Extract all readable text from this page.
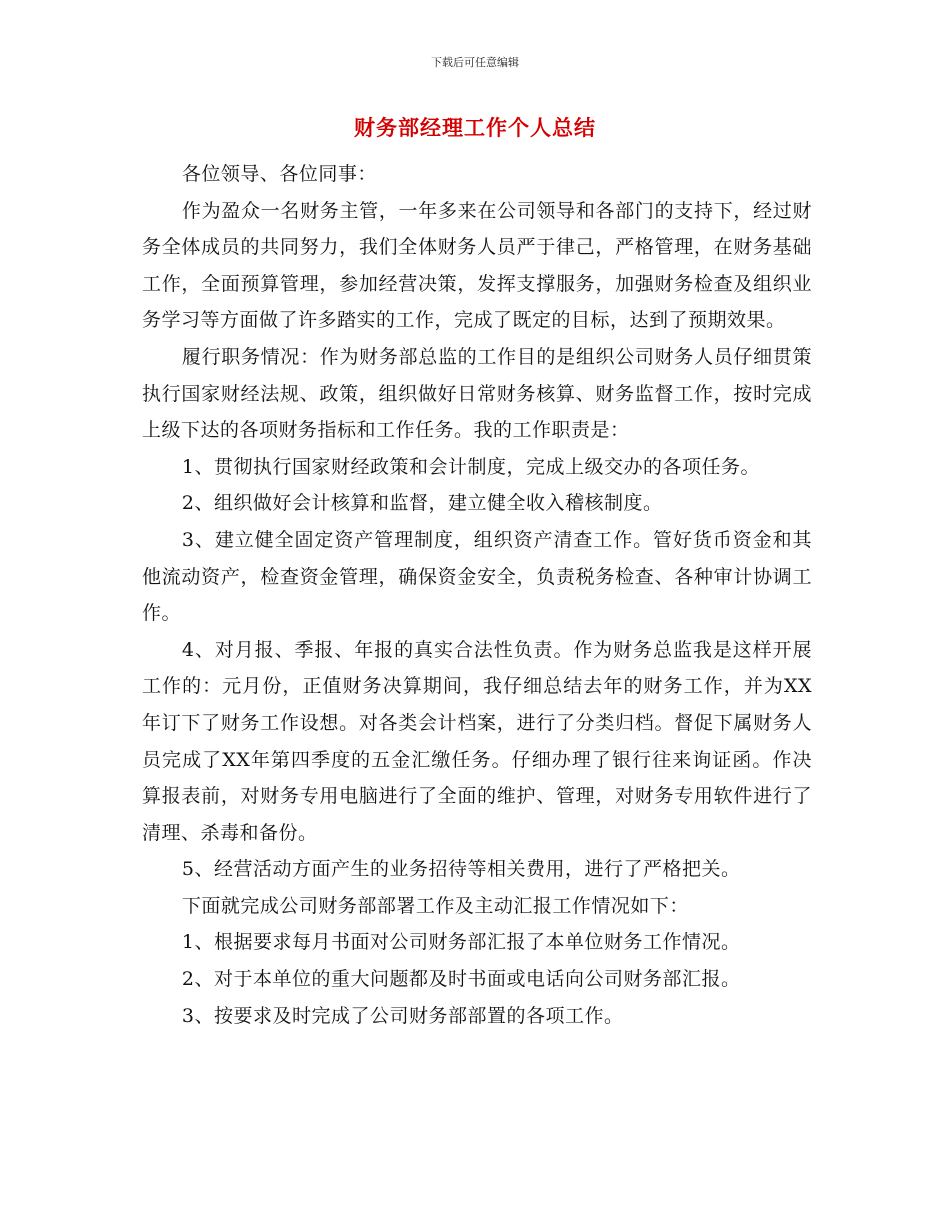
下载后可任意编辑
财务部经理工作个人总结

各位领导、各位同事：

作为盈众一名财务主管，一年多来在公司领导和各部门的支持下，经过财务全体成员的共同努力，我们全体财务人员严于律己，严格管理，在财务基础工作，全面预算管理，参加经营决策，发挥支撑服务，加强财务检查及组织业务学习等方面做了许多踏实的工作，完成了既定的目标，达到了预期效果。

履行职务情况：作为财务部总监的工作目的是组织公司财务人员仔细贯策执行国家财经法规、政策，组织做好日常财务核算、财务监督工作，按时完成上级下达的各项财务指标和工作任务。我的工作职责是：

1、贯彻执行国家财经政策和会计制度，完成上级交办的各项任务。

2、组织做好会计核算和监督，建立健全收入稽核制度。

3、建立健全固定资产管理制度，组织资产清查工作。管好货币资金和其他流动资产，检查资金管理，确保资金安全，负责税务检查、各种审计协调工作。

4、对月报、季报、年报的真实合法性负责。作为财务总监我是这样开展工作的：元月份，正值财务决算期间，我仔细总结去年的财务工作，并为XX年订下了财务工作设想。对各类会计档案，进行了分类归档。督促下属财务人员完成了XX年第四季度的五金汇缴任务。仔细办理了银行往来询证函。作决算报表前，对财务专用电脑进行了全面的维护、管理，对财务专用软件进行了清理、杀毒和备份。

5、经营活动方面产生的业务招待等相关费用，进行了严格把关。

下面就完成公司财务部部署工作及主动汇报工作情况如下：

1、根据要求每月书面对公司财务部汇报了本单位财务工作情况。

2、对于本单位的重大问题都及时书面或电话向公司财务部汇报。

3、按要求及时完成了公司财务部部置的各项工作。
